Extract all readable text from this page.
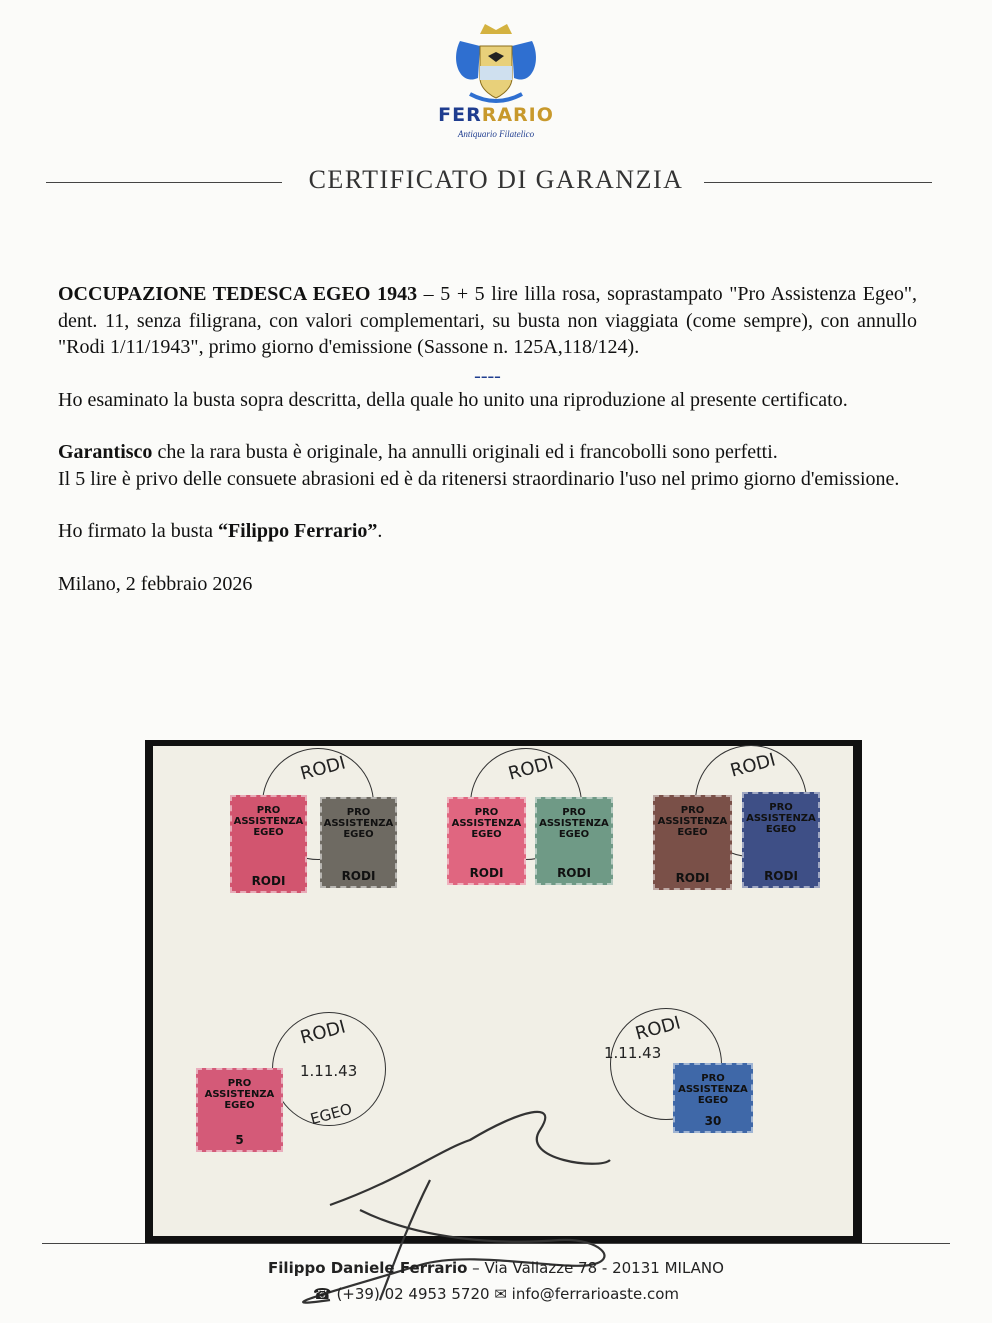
FERRARIO
Antiquario Filatelico
CERTIFICATO DI GARANZIA

OCCUPAZIONE TEDESCA EGEO 1943 – 5 + 5 lire lilla rosa, soprastampato "Pro Assistenza Egeo", dent. 11, senza filigrana, con valori complementari, su busta non viaggiata (come sempre), con annullo "Rodi 1/11/1943", primo giorno d'emissione (Sassone n. 125A,118/124).

----

Ho esaminato la busta sopra descritta, della quale ho unito una riproduzione al presente certificato.

Garantisco che la rara busta è originale, ha annulli originali ed i francobolli sono perfetti.
Il 5 lire è privo delle consuete abrasioni ed è da ritenersi straordinario l'uso nel primo giorno d'emissione.

Ho firmato la busta “Filippo Ferrario”.

Milano, 2 febbraio 2026

RODI	RODI	RODI
RODI
1.11.43
EGEO
RODI
1.11.43
PRO ASSISTENZA EGEO
RODI
PRO ASSISTENZA EGEO
RODI
PRO ASSISTENZA EGEO
RODI
PRO ASSISTENZA EGEO
RODI
PRO ASSISTENZA EGEO
RODI
PRO ASSISTENZA EGEO
RODI
PRO ASSISTENZA EGEO
5
PRO ASSISTENZA EGEO
30
Filippo Daniele Ferrario – Via Vallazze 78 - 20131 MILANO
☎ (+39) 02 4953 5720 ✉ info@ferrarioaste.com
